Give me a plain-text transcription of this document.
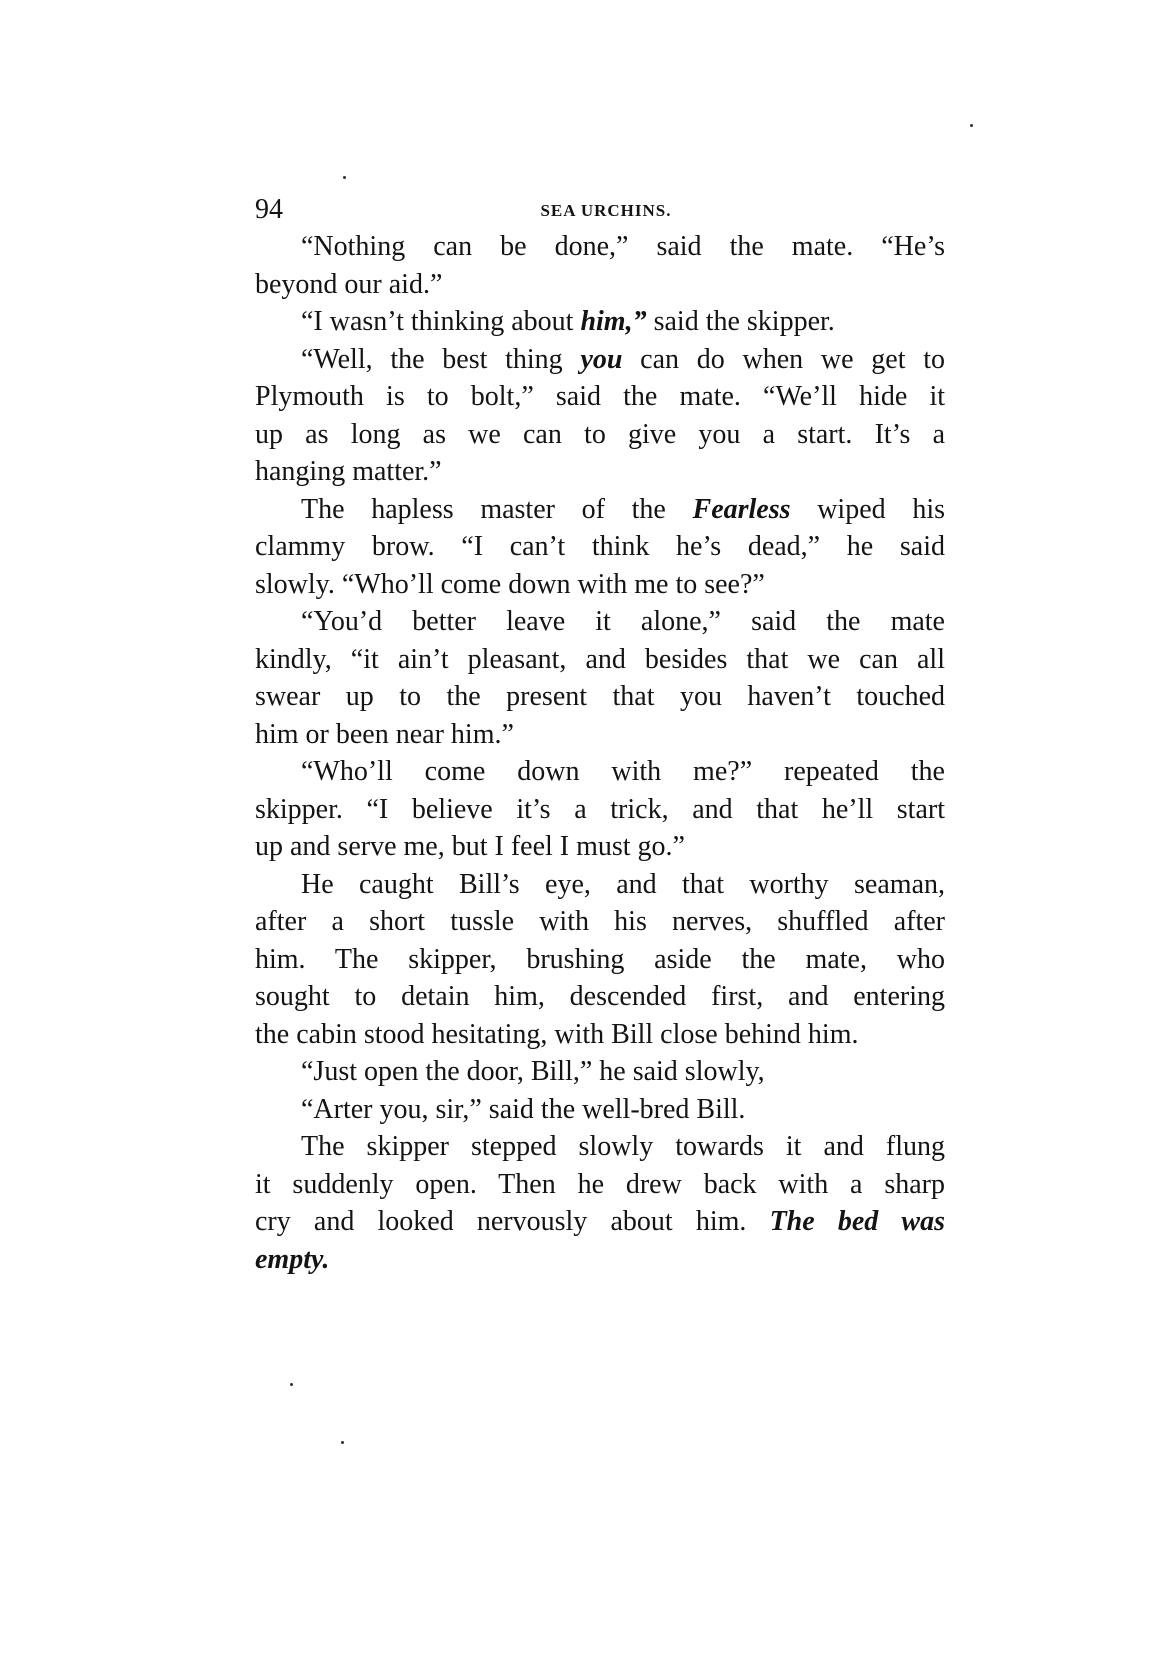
94	SEA URCHINS.
“Nothing can be done,” said the mate. “He’s
beyond our aid.”
“I wasn’t thinking about him,” said the skipper.
“Well, the best thing you can do when we get to
Plymouth is to bolt,” said the mate. “We’ll hide it
up as long as we can to give you a start. It’s a
hanging matter.”
The hapless master of the Fearless wiped his
clammy brow. “I can’t think he’s dead,” he said
slowly. “Who’ll come down with me to see?”
“You’d better leave it alone,” said the mate
kindly, “it ain’t pleasant, and besides that we can all
swear up to the present that you haven’t touched
him or been near him.”
“Who’ll come down with me?” repeated the
skipper. “I believe it’s a trick, and that he’ll start
up and serve me, but I feel I must go.”
He caught Bill’s eye, and that worthy seaman,
after a short tussle with his nerves, shuffled after
him. The skipper, brushing aside the mate, who
sought to detain him, descended first, and entering
the cabin stood hesitating, with Bill close behind him.
“Just open the door, Bill,” he said slowly,
“Arter you, sir,” said the well-bred Bill.
The skipper stepped slowly towards it and flung
it suddenly open. Then he drew back with a sharp
cry and looked nervously about him. The bed was
empty.
